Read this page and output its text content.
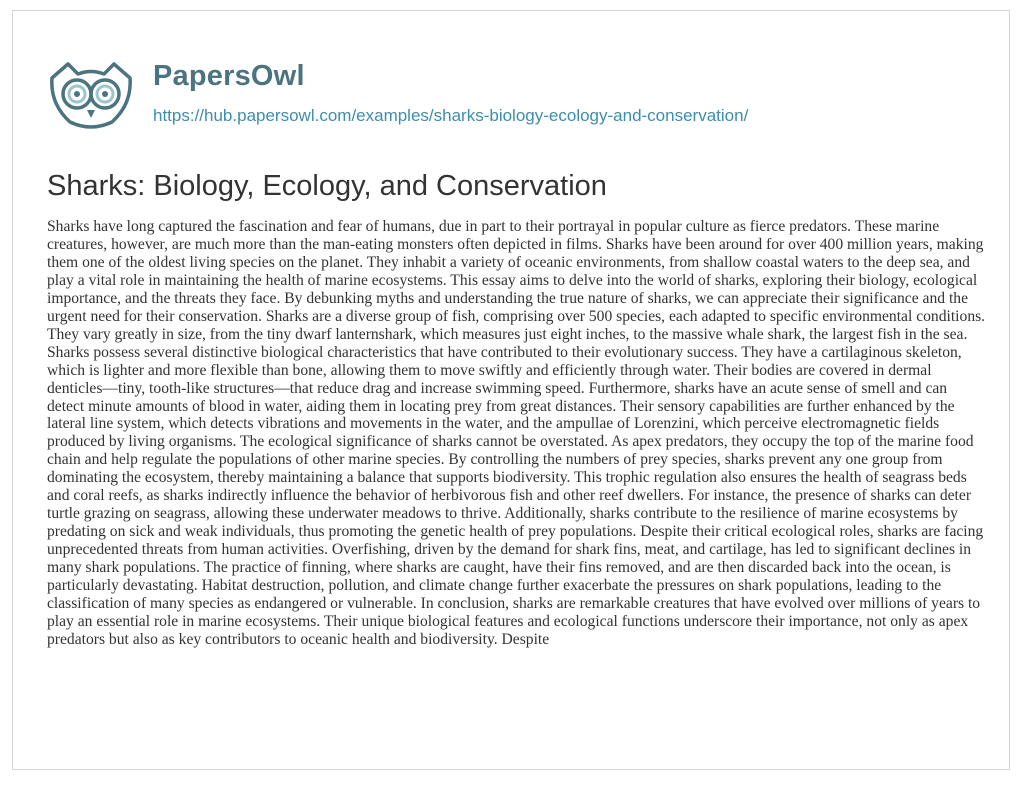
PapersOwl
https://hub.papersowl.com/examples/sharks-biology-ecology-and-conservation/
Sharks: Biology, Ecology, and Conservation

Sharks have long captured the fascination and fear of humans, due in part to their portrayal in popular culture as fierce predators. These marine creatures, however, are much more than the man-eating monsters often depicted in films. Sharks have been around for over 400 million years, making them one of the oldest living species on the planet. They inhabit a variety of oceanic environments, from shallow coastal waters to the deep sea, and play a vital role in maintaining the health of marine ecosystems. This essay aims to delve into the world of sharks, exploring their biology, ecological importance, and the threats they face. By debunking myths and understanding the true nature of sharks, we can appreciate their significance and the urgent need for their conservation. Sharks are a diverse group of fish, comprising over 500 species, each adapted to specific environmental conditions. They vary greatly in size, from the tiny dwarf lanternshark, which measures just eight inches, to the massive whale shark, the largest fish in the sea. Sharks possess several distinctive biological characteristics that have contributed to their evolutionary success. They have a cartilaginous skeleton, which is lighter and more flexible than bone, allowing them to move swiftly and efficiently through water. Their bodies are covered in dermal denticles—tiny, tooth-like structures—that reduce drag and increase swimming speed. Furthermore, sharks have an acute sense of smell and can detect minute amounts of blood in water, aiding them in locating prey from great distances. Their sensory capabilities are further enhanced by the lateral line system, which detects vibrations and movements in the water, and the ampullae of Lorenzini, which perceive electromagnetic fields produced by living organisms. The ecological significance of sharks cannot be overstated. As apex predators, they occupy the top of the marine food chain and help regulate the populations of other marine species. By controlling the numbers of prey species, sharks prevent any one group from dominating the ecosystem, thereby maintaining a balance that supports biodiversity. This trophic regulation also ensures the health of seagrass beds and coral reefs, as sharks indirectly influence the behavior of herbivorous fish and other reef dwellers. For instance, the presence of sharks can deter turtle grazing on seagrass, allowing these underwater meadows to thrive. Additionally, sharks contribute to the resilience of marine ecosystems by predating on sick and weak individuals, thus promoting the genetic health of prey populations. Despite their critical ecological roles, sharks are facing unprecedented threats from human activities. Overfishing, driven by the demand for shark fins, meat, and cartilage, has led to significant declines in many shark populations. The practice of finning, where sharks are caught, have their fins removed, and are then discarded back into the ocean, is particularly devastating. Habitat destruction, pollution, and climate change further exacerbate the pressures on shark populations, leading to the classification of many species as endangered or vulnerable. In conclusion, sharks are remarkable creatures that have evolved over millions of years to play an essential role in marine ecosystems. Their unique biological features and ecological functions underscore their importance, not only as apex predators but also as key contributors to oceanic health and biodiversity. Despite
